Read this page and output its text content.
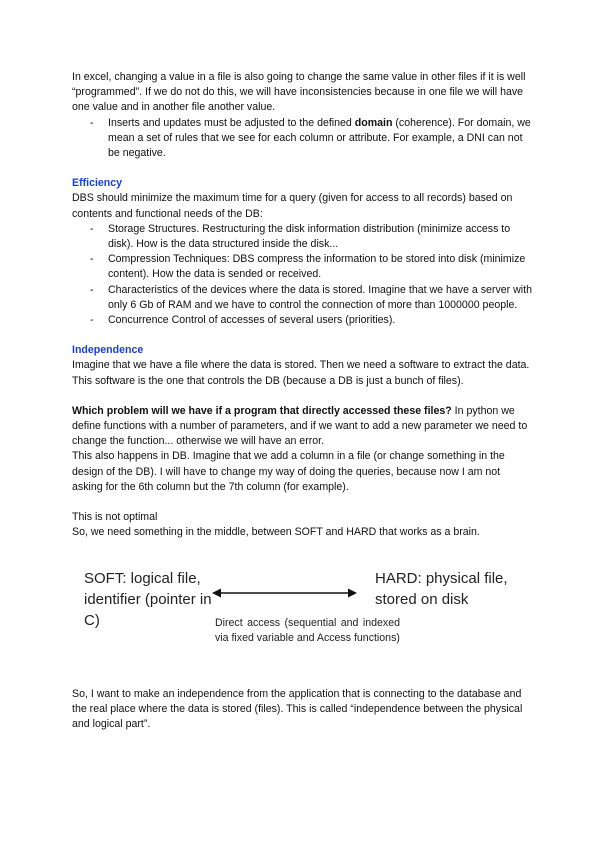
In excel, changing a value in a file is also going to change the same value in other files if it is well “programmed”. If we do not do this, we will have inconsistencies because in one file we will have one value and in another file another value.

- Inserts and updates must be adjusted to the defined domain (coherence). For domain, we mean a set of rules that we see for each column or attribute. For example, a DNI can not be negative.

Efficiency

DBS should minimize the maximum time for a query (given for access to all records) based on contents and functional needs of the DB:

- Storage Structures. Restructuring the disk information distribution (minimize access to disk). How is the data structured inside the disk...
- Compression Techniques: DBS compress the information to be stored into disk (minimize content). How the data is sended or received.
- Characteristics of the devices where the data is stored. Imagine that we have a server with only 6 Gb of RAM and we have to control the connection of more than 1000000 people.
- Concurrence Control of accesses of several users (priorities).

Independence

Imagine that we have a file where the data is stored. Then we need a software to extract the data. This software is the one that controls the DB (because a DB is just a bunch of files).

Which problem will we have if a program that directly accessed these files? In python we define functions with a number of parameters, and if we want to add a new parameter we need to change the function... otherwise we will have an error.

This also happens in DB. Imagine that we add a column in a file (or change something in the design of the DB). I will have to change my way of doing the queries, because now I am not asking for the 6th column but the 7th column (for example).

This is not optimal

So, we need something in the middle, between SOFT and HARD that works as a brain.

SOFT: logical file, identifier (pointer in C)
HARD: physical file, stored on disk
Direct access (sequential and indexed via fixed variable and Access functions)

So, I want to make an independence from the application that is connecting to the database and the real place where the data is stored (files). This is called “independence between the physical and logical part”.
